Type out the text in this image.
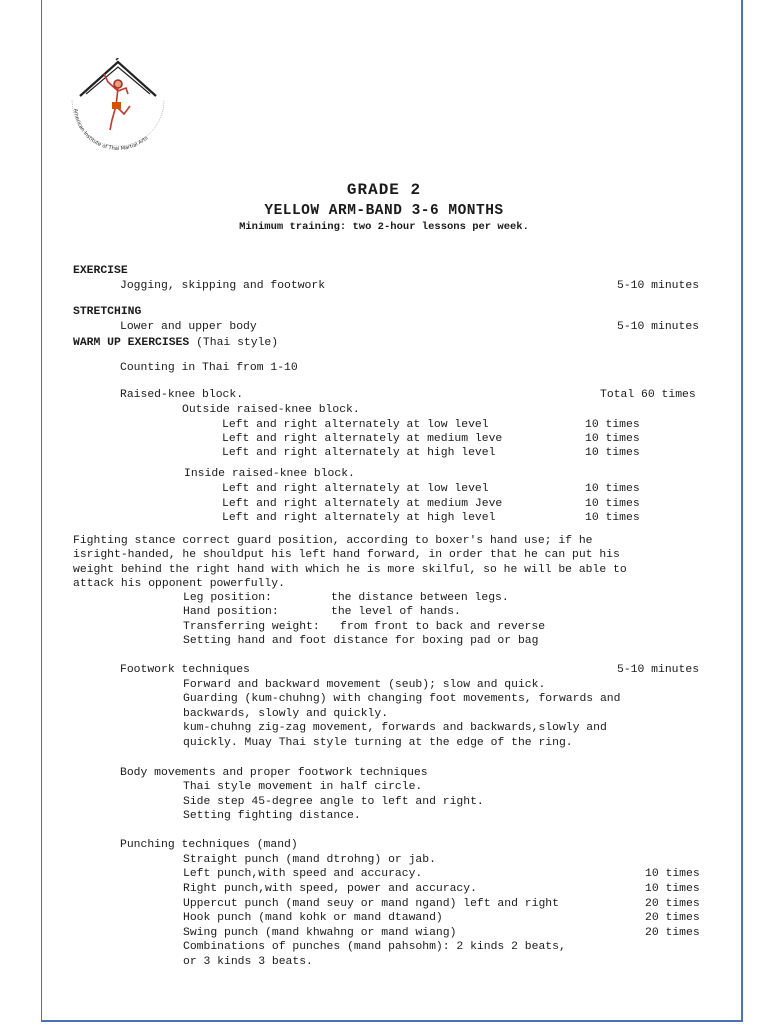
American Institute of Thai Martial Arts
GRADE 2
YELLOW ARM-BAND 3-6 MONTHS
Minimum training: two 2-hour lessons per week.
EXERCISE
Jogging, skipping and footwork	5-10 minutes
STRETCHING
Lower and upper body	5-10 minutes
WARM UP EXERCISES (Thai style)
Counting in Thai from 1-10
Raised-knee block.	Total 60 times
Outside raised-knee block.
Left and right alternately at low level	10 times
Left and right alternately at medium leve	10 times
Left and right alternately at high level	10 times
Inside raised-knee block.
Left and right alternately at low level	10 times
Left and right alternately at medium Jeve	10 times
Left and right alternately at high level	10 times
Fighting stance correct guard position, according to boxer's hand use; if he
isright-handed, he shouldput his left hand forward, in order that he can put his
weight behind the right hand with which he is more skilful, so he will be able to
attack his opponent powerfully.
Leg position:	the distance between legs.
Hand position:	the level of hands.
Transferring weight: from front to back and reverse
Setting hand and foot distance for boxing pad or bag
Footwork techniques	5-10 minutes
Forward and backward movement (seub); slow and quick.
Guarding (kum-chuhng) with changing foot movements, forwards and
backwards, slowly and quickly.
kum-chuhng zig-zag movement, forwards and backwards,slowly and
quickly. Muay Thai style turning at the edge of the ring.
Body movements and proper footwork techniques
Thai style movement in half circle.
Side step 45-degree angle to left and right.
Setting fighting distance.
Punching techniques (mand)
Straight punch (mand dtrohng) or jab.
Left punch,with speed and accuracy.	10 times
Right punch,with speed, power and accuracy.	10 times
Uppercut punch (mand seuy or mand ngand) left and right	20 times
Hook punch (mand kohk or mand dtawand)	20 times
Swing punch (mand khwahng or mand wiang)	20 times
Combinations of punches (mand pahsohm): 2 kinds 2 beats,
or 3 kinds 3 beats.
